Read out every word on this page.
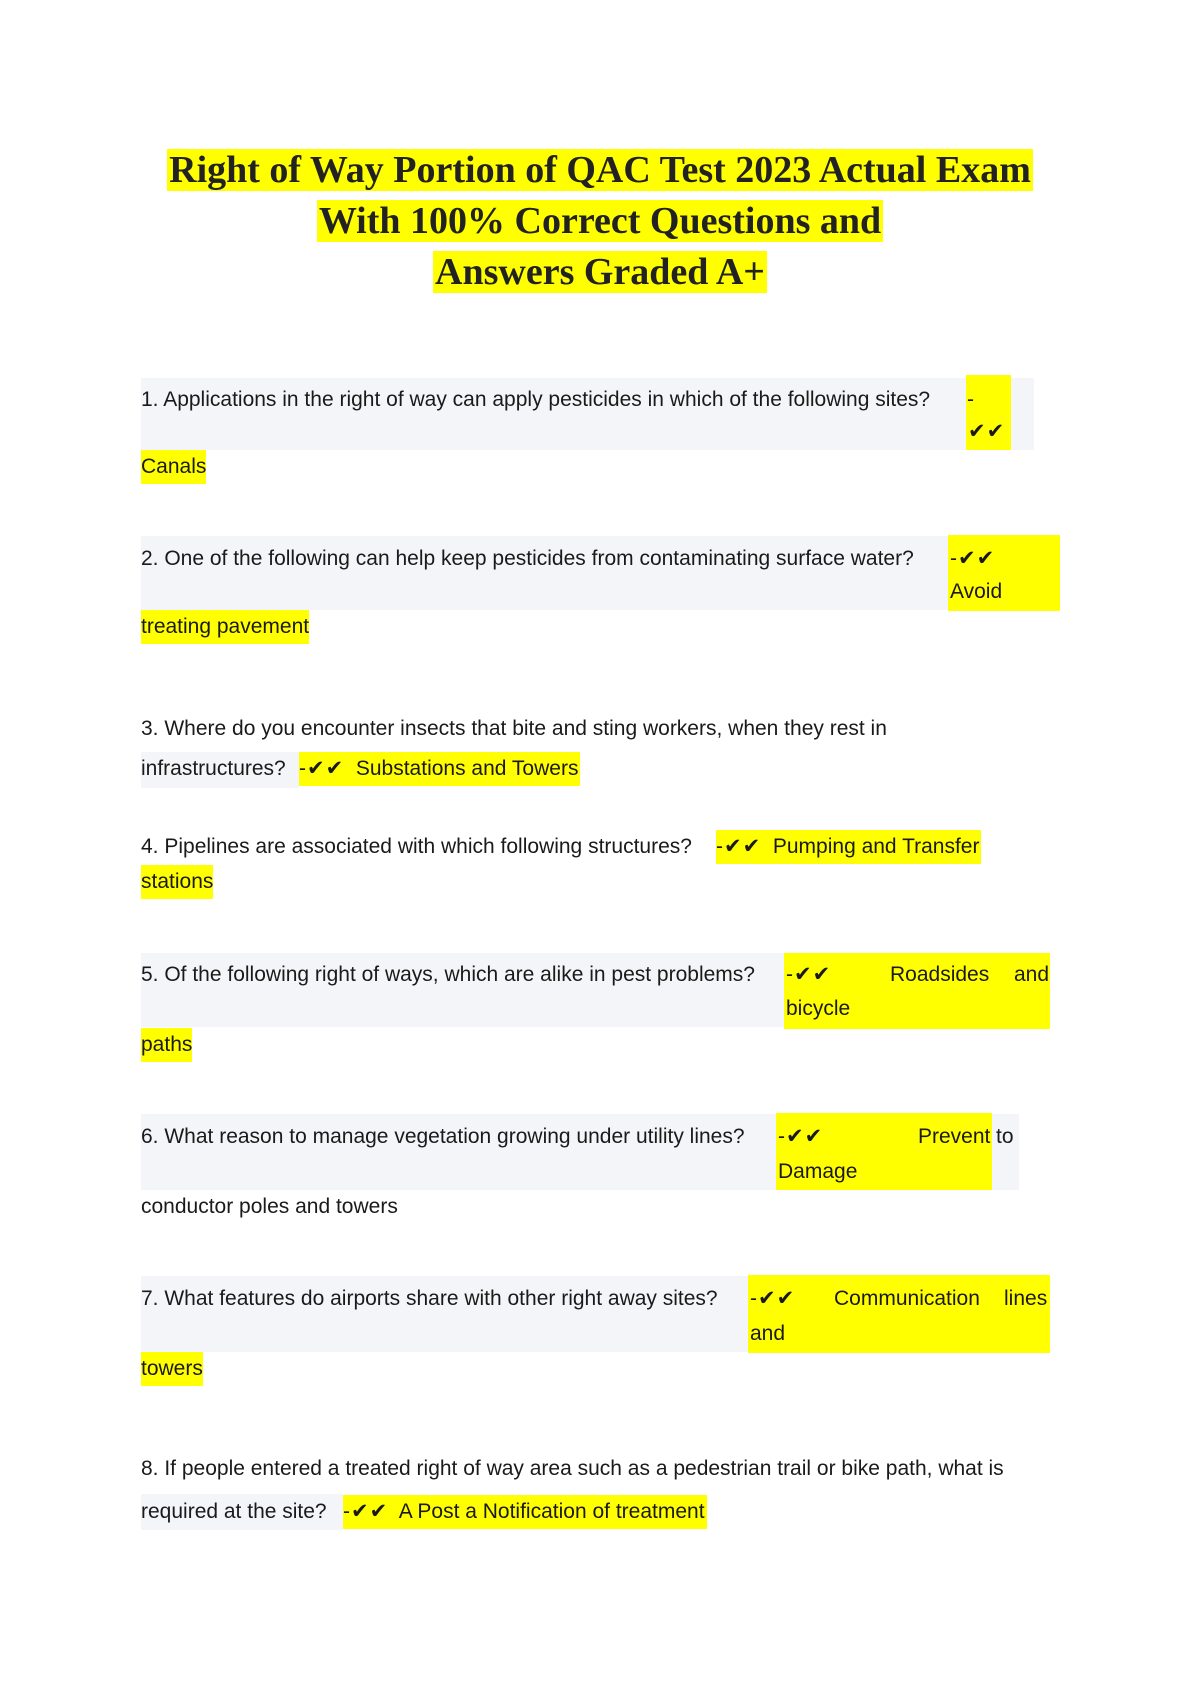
Right of Way Portion of QAC Test 2023 Actual Exam
With 100% Correct Questions and
Answers Graded A+
1. Applications in the right of way can apply pesticides in which of the following sites? -
✔✔
Canals
2. One of the following can help keep pesticides from contaminating surface water? -✔✔
Avoid
treating pavement
3. Where do you encounter insects that bite and sting workers, when they rest in
infrastructures? -✔✔ Substations and Towers
4. Pipelines are associated with which following structures? -✔✔ Pumping and Transfer
stations
5. Of the following right of ways, which are alike in pest problems? -✔✔	Roadsides and
bicycle
paths
6. What reason to manage vegetation growing under utility lines? -✔✔	Prevent to
Damage
conductor poles and towers
7. What features do airports share with other right away sites? -✔✔ Communication lines
and
towers
8. If people entered a treated right of way area such as a pedestrian trail or bike path, what is
required at the site? -✔✔ A Post a Notification of treatment
